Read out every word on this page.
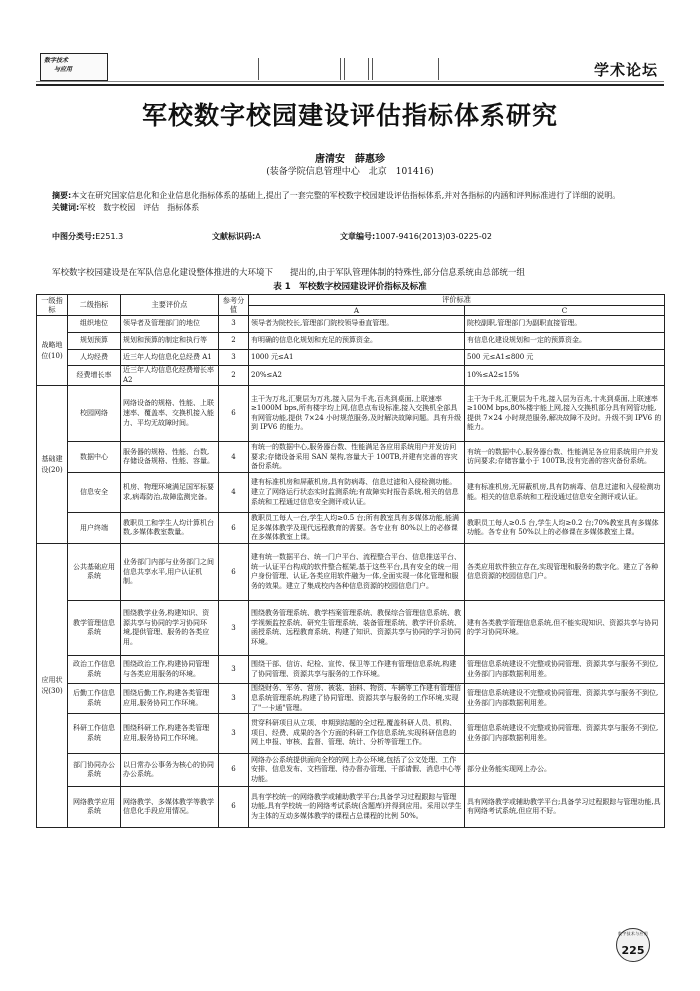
数字技术
与应用	学术论坛
军校数字校园建设评估指标体系研究
唐清安　薛惠珍
(装备学院信息管理中心　北京　101416)
摘要:本文在研究国家信息化和企业信息化指标体系的基础上,提出了一套完整的军校数字校园建设评估指标体系,并对各指标的内涵和评判标准进行了详细的说明。
关键词:军校　数字校园　评估　指标体系
中图分类号:E251.3	文献标识码:A	文章编号:1007-9416(2013)03-0225-02
军校数字校园建设是在军队信息化建设整体推进的大环境下　　提出的,由于军队管理体制的特殊性,部分信息系统由总部统一组
表 1　军校数字校园建设评价指标及标准
一级指标	二级指标	主要评价点	参考分值	评价标准	
				A	C
战略地位(10)	组织地位	领导者及管理部门的地位	3	领导者为院校长,管理部门院校领导垂直管理。	院校副职,管理部门为副职直接管理。
	规划预算	规划和预算的制定和执行等	2	有明确的信息化规划和充足的预算资金。	有信息化建设规划和一定的预算资金。
	人均经费	近三年人均信息化总经费 A1	3	1000 元≤A1	500 元≤A1≤800 元
	经费增长率	近三年人均信息化经费增长率 A2	2	20%≤A2	10%≤A2≤15%
基础建设(20)	校园网络	网络设备的规格、性能、上联速率、覆盖率、交换机接入能力、平均无故障时间。	6	主干为万兆,汇聚层为万兆,接入层为千兆,百兆到桌面,上联速率≥1000M bps,所有楼宇均上网,信息点布设标准,接入交换机全部具有网管功能,提供 7×24 小时规范服务,及时解决故障问题。具有升级到 IPV6 的能力。	主干为千兆,汇聚层为千兆,接入层为百兆,十兆到桌面,上联速率≥100M bps,80%楼宇能上网,接入交换机部分具有网管功能,提供 7×24 小时规范服务,解决故障不及时。升级不到 IPV6 的能力。
	数据中心	服务器的规格、性能、台数,存储设备规格、性能、容量。	4	有统一的数据中心,服务器台数、性能满足各应用系统用户并发访问要求;存储设备采用 SAN 架构,容量大于 100TB,并建有完善的容灾备份系统。	有统一的数据中心,服务器台数、性能满足各应用系统用户并发访问要求;存储容量小于 100TB,没有完善的容灾备份系统。
	信息安全	机房、物理环境满足国军标要求,病毒防治,故障监测完备。	4	建有标准机房和屏蔽机房,具有防病毒、信息过滤和入侵检测功能。建立了网络运行状态实时监测系统;有故障实时报告系统,相关的信息系统和工程通过信息安全测评或认证。	建有标准机房,无屏蔽机房,具有防病毒、信息过滤和入侵检测功能。相关的信息系统和工程没通过信息安全测评或认证。
	用户终端	教职员工和学生人均计算机台数,多媒体教室数量。	6	教职员工每人一台,学生人均≥0.5 台;所有教室具有多媒体功能,能满足多媒体教学及现代远程教育的需要。各专业有 80%以上的必修课在多媒体教室上课。	教职员工每人≥0.5 台,学生人均≥0.2 台;70%教室具有多媒体功能。各专业有 50%以上的必修课在多媒体教室上课。
应用状况(30)	公共基础应用系统	业务部门内部与业务部门之间信息共享水平,用户认证机制。	6	建有统一数据平台、统一门户平台、流程整合平台、信息推送平台、统一认证平台构成的软件整合框架,基于这些平台,具有安全的统一用户身份管理、认证,各类应用软件融为一体,全面实现一体化管理和服务的效果。建立了集成校内各种信息资源的校园信息门户。	各类应用软件独立存在,实现管理和服务的数字化。建立了各种信息资源的校园信息门户。
	教学管理信息系统	围绕教学业务,构建知识、资源共享与协同的学习协同环境,提供管理、服务的各类应用。	3	围绕教务管理系统、教学档案管理系统、教保综合管理信息系统、教学视频监控系统、研究生管理系统、装备管理系统、教学评价系统、函授系统、远程教育系统、构建了知识、资源共享与协同的学习协同环境。	建有各类教学管理信息系统,但不能实现知识、资源共享与协同的学习协同环境。
	政治工作信息系统	围绕政治工作,构建协同管理与各类应用服务的环境。	3	围绕干部、信访、纪检、宣传、保卫等工作建有管理信息系统,构建了协同管理、资源共享与服务的工作环境。	管理信息系统建设不完整或协同管理、资源共享与服务不到位,业务部门内部数据利用差。
	后勤工作信息系统	围绕后勤工作,构建各类管理应用,服务协同工作环境。	3	围绕财务、军务、营房、被装、油料、物资、车辆等工作建有管理信息系统管理系统,构建了协同管理、资源共享与服务的工作环境,实现了"一卡通"管理。	管理信息系统建设不完整或协同管理、资源共享与服务不到位,业务部门内部数据利用差。
	科研工作信息系统	围绕科研工作,构建各类管理应用,服务协同工作环境。	3	贯穿科研项目从立项、申期到结题的全过程,覆盖科研人员、机构、项目、经费、成果的各个方面的科研工作信息系统,实现科研信息的网上申报、审核、监督、管理、统计、分析等管理工作。	管理信息系统建设不完整或协同管理、资源共享与服务不到位,业务部门内部数据利用差。
	部门协同办公系统	以日常办公事务为核心的协同办公系统。	6	网络办公系统提供面向全校的网上办公环境,包括了公文处理、工作安排、信息发布、文档管理、待办督办管理、干部请假、消息中心等功能。	部分业务能实现网上办公。
	网络教学应用系统	网络教学、多媒体教学等教学信息化手段应用情况。	6	具有学校统一的网络教学或辅助教学平台;具备学习过程跟踪与管理功能,具有学校统一的网络考试系统(含题库)并得到应用。采用以学生为主体的互动多媒体教学的课程占总课程的比例 50%。	具有网络教学或辅助教学平台;具备学习过程跟踪与管理功能,具有网络考试系统,但应用不好。
数字技术与应用
225
